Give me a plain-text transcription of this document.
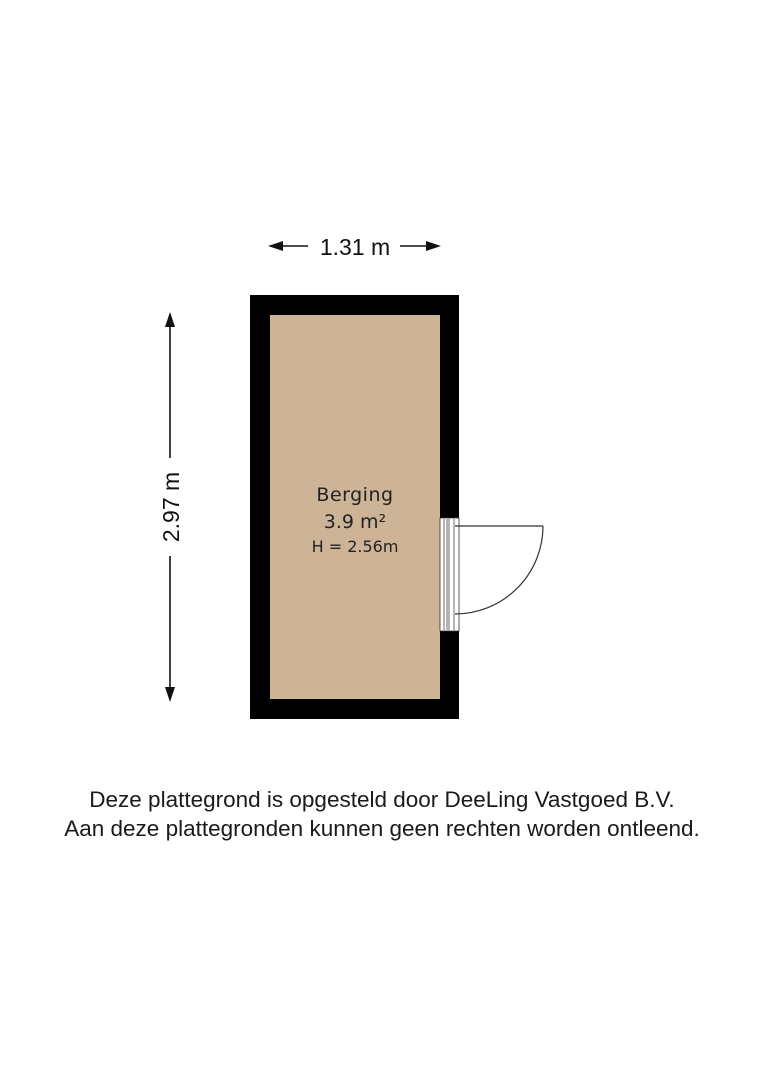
1.31 m
2.97 m	Berging
3.9 m²
H = 2.56m
Deze plattegrond is opgesteld door DeeLing Vastgoed B.V.
Aan deze plattegronden kunnen geen rechten worden ontleend.
